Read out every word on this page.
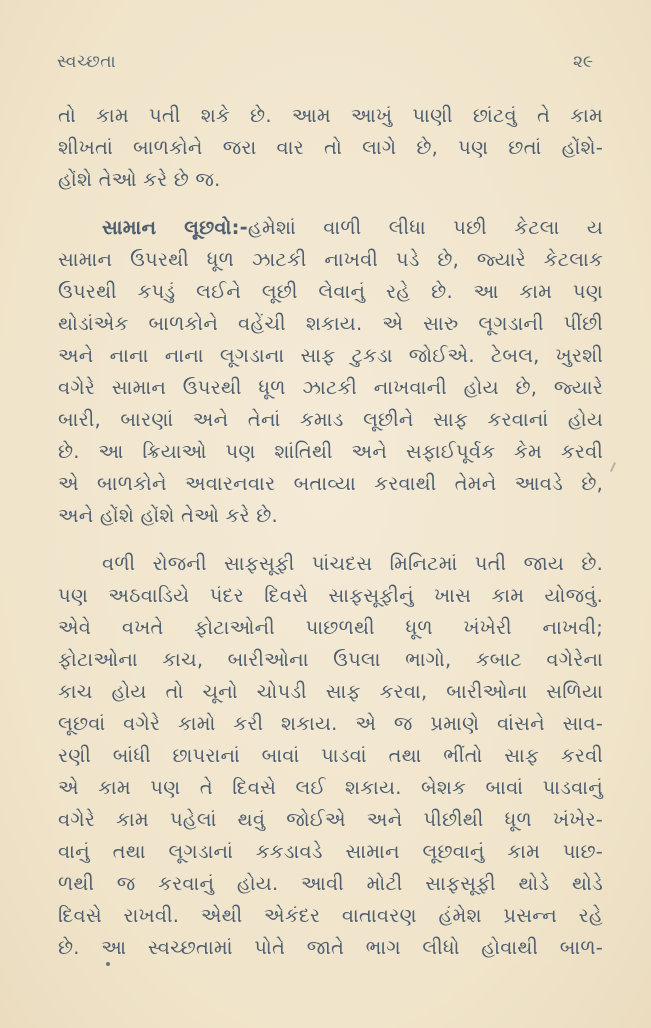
સ્વચ્છતા	૨૯
તો કામ પતી શકે છે. આમ આખું પાણી છાંટવું તે કામ
શીખતાં બાળકોને જરા વાર તો લાગે છે, પણ છતાં હોંશે-
હોંશે તેઓ કરે છે જ.
સામાન લૂછવો:-હમેશાં વાળી લીધા પછી કેટલા ય
સામાન ઉપરથી ધૂળ ઝાટકી નાખવી પડે છે, જ્યારે કેટલાક
ઉપરથી કપડું લઈને લૂછી લેવાનું રહે છે. આ કામ પણ
થોડાંએક બાળકોને વહેંચી શકાય. એ સારુ લૂગડાની પીંછી
અને નાના નાના લૂગડાના સાફ ટુકડા જોઈએ. ટેબલ, ખુરશી
વગેરે સામાન ઉપરથી ધૂળ ઝાટકી નાખવાની હોય છે, જ્યારે
બારી, બારણાં અને તેનાં કમાડ લૂછીને સાફ કરવાનાં હોય
છે. આ ક્રિયાઓ પણ શાંતિથી અને સફાઈપૂર્વક કેમ કરવી
એ બાળકોને અવારનવાર બતાવ્યા કરવાથી તેમને આવડે છે,
અને હોંશે હોંશે તેઓ કરે છે.
વળી રોજની સાફસૂફી પાંચદસ મિનિટમાં પતી જાય છે.
પણ અઠવાડિયે પંદર દિવસે સાફસૂફીનું ખાસ કામ યોજવું.
એવે વખતે ફોટાઓની પાછળથી ધૂળ ખંખેરી નાખવી;
ફોટાઓના કાચ, બારીઓના ઉપલા ભાગો, કબાટ વગેરેના
કાચ હોય તો ચૂનો ચોપડી સાફ કરવા, બારીઓના સળિયા
લૂછવાં વગેરે કામો કરી શકાય. એ જ પ્રમાણે વાંસને સાવ-
રણી બાંધી છાપરાનાં બાવાં પાડવાં તથા ભીંતો સાફ કરવી
એ કામ પણ તે દિવસે લઈ શકાય. બેશક બાવાં પાડવાનું
વગેરે કામ પહેલાં થવું જોઈએ અને પીછીથી ધૂળ ખંખેર-
વાનું તથા લૂગડાનાં કકડાવડે સામાન લૂછવાનું કામ પાછ-
ળથી જ કરવાનું હોય. આવી મોટી સાફસૂફી થોડે થોડે
દિવસે રાખવી. એથી એકંદર વાતાવરણ હંમેશ પ્રસન્ન રહે
છે. આ સ્વચ્છતામાં પોતે જાતે ભાગ લીધો હોવાથી બાળ-
